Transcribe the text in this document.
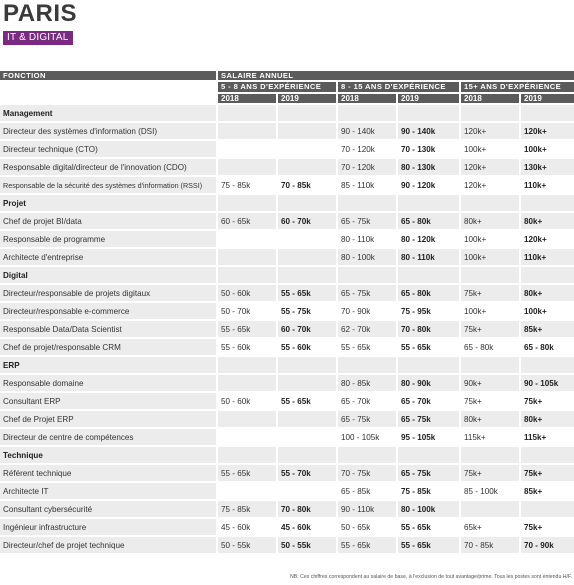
PARIS
IT & DIGITAL
FONCTION	SALAIRE ANNUEL					
	5 - 8 ANS D'EXPÉRIENCE		8 - 15 ANS D'EXPÉRIENCE		15+ ANS D'EXPÉRIENCE	
	2018	2019	2018	2019	2018	2019
Management						
Directeur des systèmes d'information (DSI)			90 - 140k	90 - 140k	120k+	120k+
Directeur technique (CTO)			70 - 120k	70 - 130k	100k+	100k+
Responsable digital/directeur de l'innovation (CDO)			70 - 120k	80 - 130k	120k+	130k+
Responsable de la sécurité des systèmes d'information (RSSI)	75 - 85k	70 - 85k	85 - 110k	90 - 120k	120k+	110k+
Projet						
Chef de projet BI/data	60 - 65k	60 - 70k	65 - 75k	65 - 80k	80k+	80k+
Responsable de programme			80 - 110k	80 - 120k	100k+	120k+
Architecte d'entreprise			80 - 100k	80 - 110k	100k+	110k+
Digital						
Directeur/responsable de projets digitaux	50 - 60k	55 - 65k	65 - 75k	65 - 80k	75k+	80k+
Directeur/responsable e-commerce	50 - 70k	55 - 75k	70 - 90k	75 - 95k	100k+	100k+
Responsable Data/Data Scientist	55 - 65k	60 - 70k	62 - 70k	70 - 80k	75k+	85k+
Chef de projet/responsable CRM	55 - 60k	55 - 60k	55 - 65k	55 - 65k	65 - 80k	65 - 80k
ERP						
Responsable domaine			80 - 85k	80 - 90k	90k+	90 - 105k
Consultant ERP	50 - 60k	55 - 65k	65 - 70k	65 - 70k	75k+	75k+
Chef de Projet ERP			65 - 75k	65 - 75k	80k+	80k+
Directeur de centre de compétences			100 - 105k	95 - 105k	115k+	115k+
Technique						
Référent technique	55 - 65k	55 - 70k	70 - 75k	65 - 75k	75k+	75k+
Architecte IT			65 - 85k	75 - 85k	85 - 100k	85k+
Consultant cybersécurité	75 - 85k	70 - 80k	90 - 110k	80 - 100k		
Ingénieur infrastructure	45 - 60k	45 - 60k	50 - 65k	55 - 65k	65k+	75k+
Directeur/chef de projet technique	50 - 55k	50 - 55k	55 - 65k	55 - 65k	70 - 85k	70 - 90k
NB: Ces chiffres correspondent au salaire de base, à l'exclusion de tout avantage/prime. Tous les postes sont entendu H/F.
